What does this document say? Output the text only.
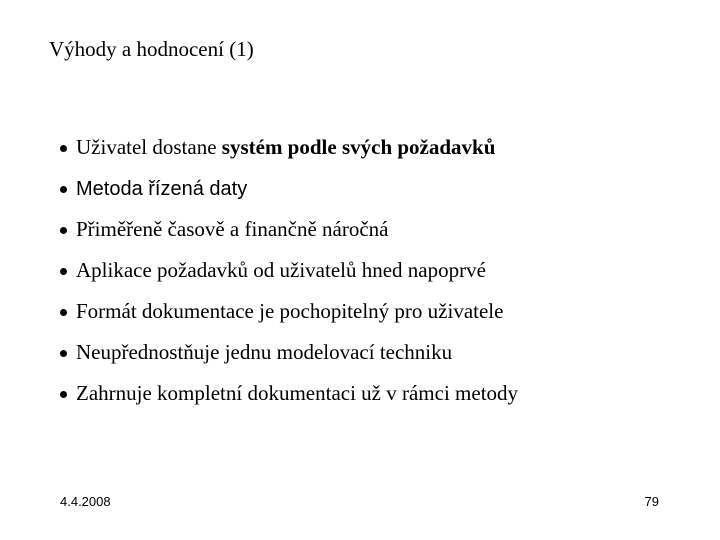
Výhody a hodnocení (1)
Uživatel dostane systém podle svých požadavků
Metoda řízená daty
Přiměřeně časově a finančně náročná
Aplikace požadavků od uživatelů hned napoprvé
Formát dokumentace je pochopitelný pro uživatele
Neupřednostňuje jednu modelovací techniku
Zahrnuje kompletní dokumentaci už v rámci metody
4.4.2008	79
